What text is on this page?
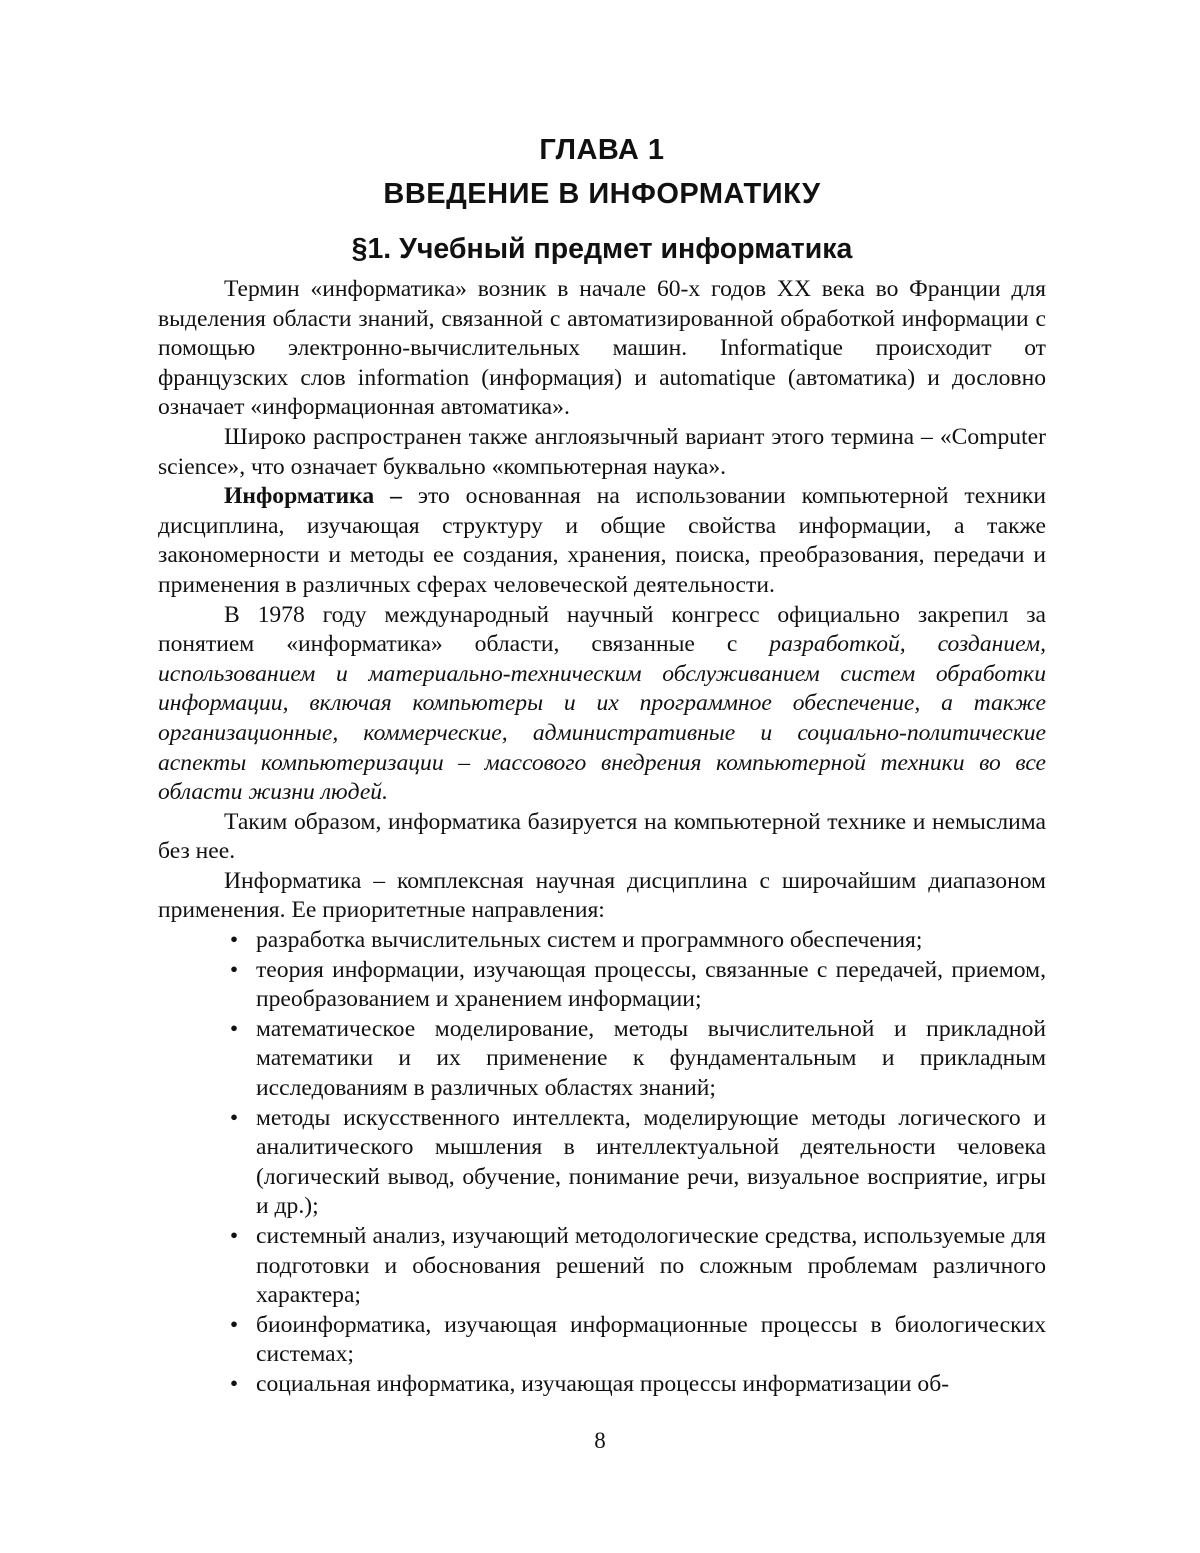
ГЛАВА 1
ВВЕДЕНИЕ В ИНФОРМАТИКУ
§1. Учебный предмет информатика

Термин «информатика» возник в начале 60-х годов XX века во Франции для выделения области знаний, связанной с автоматизированной обработкой информации с помощью электронно-вычислительных машин. Informatique происходит от французских слов information (информация) и automatique (автоматика) и дословно означает «информационная автоматика».

Широко распространен также англоязычный вариант этого термина – «Computer science», что означает буквально «компьютерная наука».

Информатика – это основанная на использовании компьютерной техники дисциплина, изучающая структуру и общие свойства информации, а также закономерности и методы ее создания, хранения, поиска, преобразования, передачи и применения в различных сферах человеческой деятельности.

В 1978 году международный научный конгресс официально закрепил за понятием «информатика» области, связанные с разработкой, созданием, использованием и материально-техническим обслуживанием систем обработки информации, включая компьютеры и их программное обеспечение, а также организационные, коммерческие, административные и социально-политические аспекты компьютеризации – массового внедрения компьютерной техники во все области жизни людей.

Таким образом, информатика базируется на компьютерной технике и немыслима без нее.

Информатика – комплексная научная дисциплина с широчайшим диапазоном применения. Ее приоритетные направления:

• разработка вычислительных систем и программного обеспечения;
• теория информации, изучающая процессы, связанные с передачей, приемом, преобразованием и хранением информации;
• математическое моделирование, методы вычислительной и прикладной математики и их применение к фундаментальным и прикладным исследованиям в различных областях знаний;
• методы искусственного интеллекта, моделирующие методы логического и аналитического мышления в интеллектуальной деятельности человека (логический вывод, обучение, понимание речи, визуальное восприятие, игры и др.);
• системный анализ, изучающий методологические средства, используемые для подготовки и обоснования решений по сложным проблемам различного характера;
• биоинформатика, изучающая информационные процессы в биологических системах;
• социальная информатика, изучающая процессы информатизации об-
8
